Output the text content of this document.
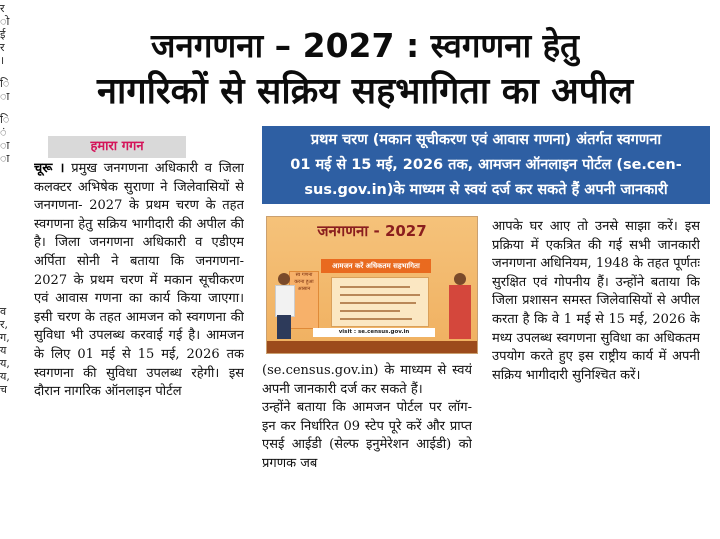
र
ो
ई
र
।
ि
ा
ि
ं
ा
ा
व
र,
ग,
य
य,
य,
च
जनगणना – 2027 : स्वगणना हेतु
नागरिकों से सक्रिय सहभागिता का अपील
हमारा गगन	प्रथम चरण (मकान सूचीकरण एवं आवास गणना) अंतर्गत स्वगणना
01 मई से 15 मई, 2026 तक, आमजन ऑनलाइन पोर्टल (se.cen-
sus.gov.in)के माध्यम से स्वयं दर्ज कर सकते हैं अपनी जानकारी

चूरू । प्रमुख जनगणना अधिकारी व जिला कलक्टर अभिषेक सुराणा ने जिलेवासियों से जनगणना- 2027 के प्रथम चरण के तहत स्वगणना हेतु सक्रिय भागीदारी की अपील की है। जिला जनगणना अधिकारी व एडीएम अर्पिता सोनी ने बताया कि जनगणना- 2027 के प्रथम चरण में मकान सूचीकरण एवं आवास गणना का कार्य किया जाएगा। इसी चरण के तहत आमजन को स्वगणना की सुविधा भी उपलब्ध करवाई गई है। आमजन के लिए 01 मई से 15 मई, 2026 तक स्वगणना की सुविधा उपलब्ध रहेगी। इस दौरान नागरिक ऑनलाइन पोर्टल

जनगणना - 2027
आमजन करें अधिकतम सहभागिता
स्व गणना करना हुआ आसान
visit : se.census.gov.in

(se.census.gov.in) के माध्यम से स्वयं अपनी जानकारी दर्ज कर सकते हैं।

उन्होंने बताया कि आमजन पोर्टल पर लॉग- इन कर निर्धारित 09 स्टेप पूरे करें और प्राप्त एसई आईडी (सेल्फ इनुमेरेशन आईडी) को प्रगणक जब

आपके घर आए तो उनसे साझा करें। इस प्रक्रिया में एकत्रित की गई सभी जानकारी जनगणना अधिनियम, 1948 के तहत पूर्णतः सुरक्षित एवं गोपनीय हैं। उन्होंने बताया कि जिला प्रशासन समस्त जिलेवासियों से अपील करता है कि वे 1 मई से 15 मई, 2026 के मध्य उपलब्ध स्वगणना सुविधा का अधिकतम उपयोग करते हुए इस राष्ट्रीय कार्य में अपनी सक्रिय भागीदारी सुनिश्चित करें।
